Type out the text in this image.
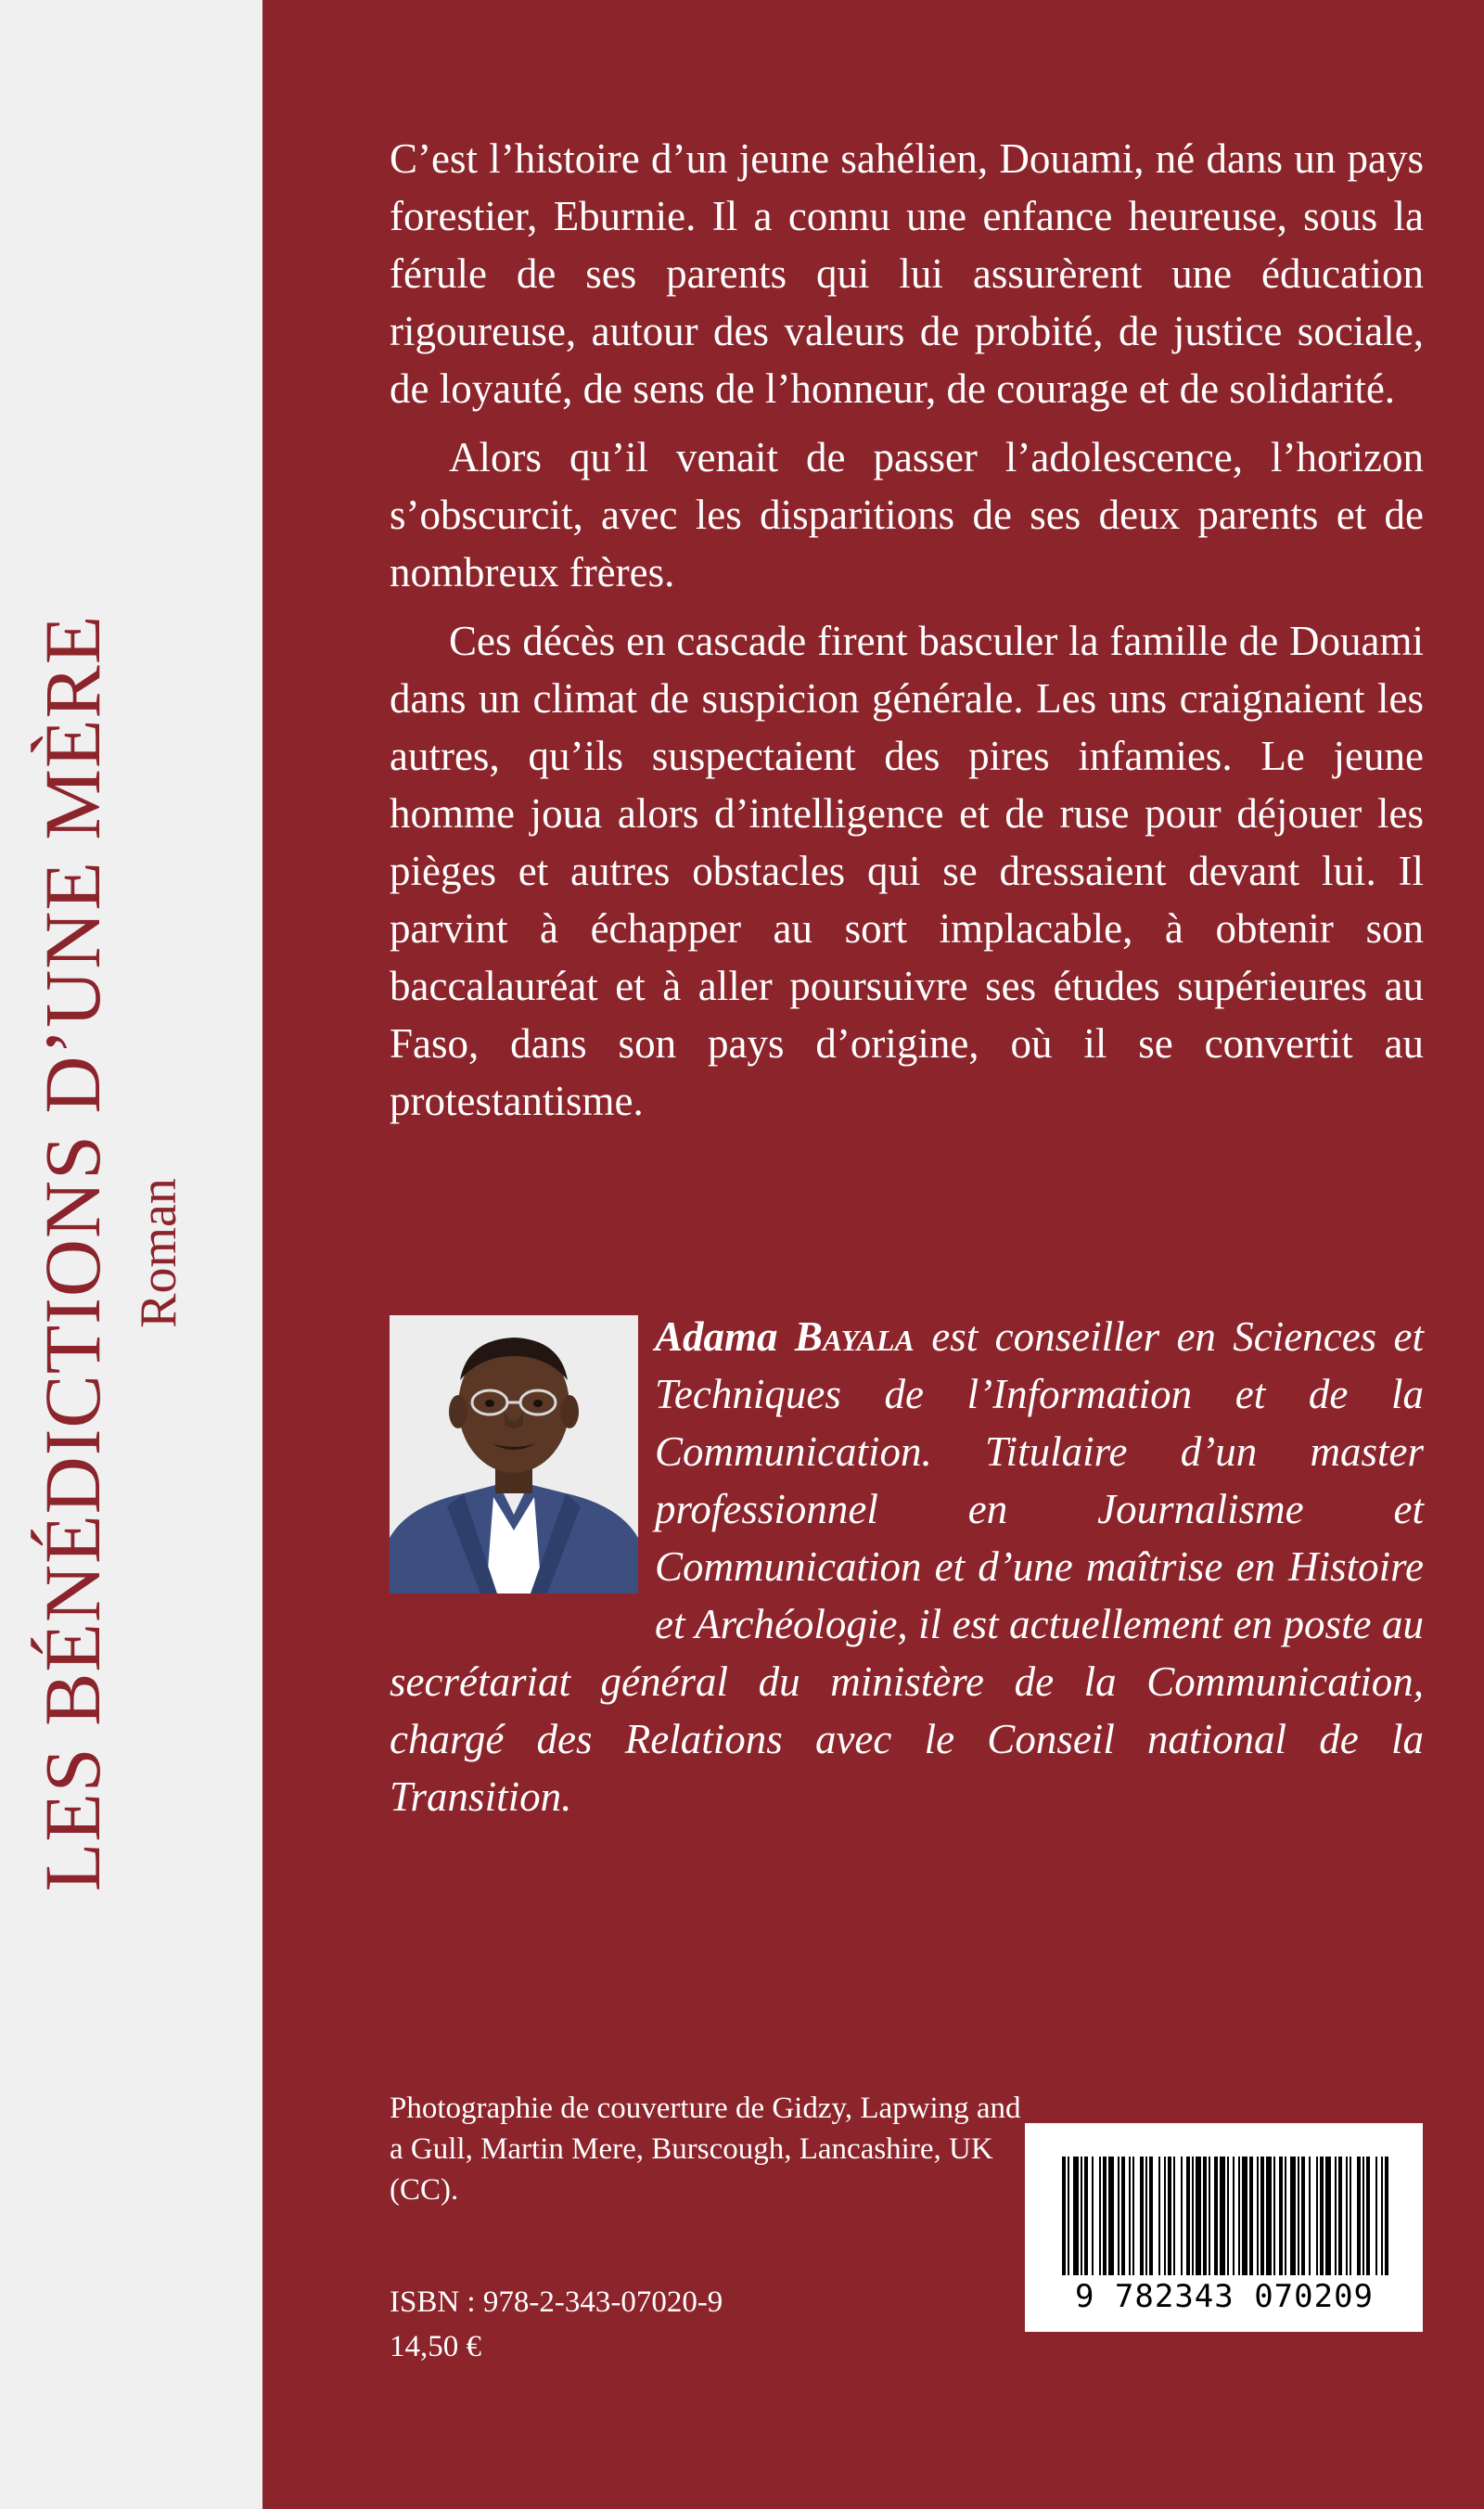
LES BÉNÉDICTIONS D’UNE MÈRE Roman

C’est l’histoire d’un jeune sahélien, Douami, né dans un pays forestier, Eburnie. Il a connu une enfance heureuse, sous la férule de ses parents qui lui assurèrent une éducation rigoureuse, autour des valeurs de probité, de justice sociale, de loyauté, de sens de l’honneur, de courage et de solidarité.

Alors qu’il venait de passer l’adolescence, l’horizon s’obscurcit, avec les disparitions de ses deux parents et de nombreux frères.

Ces décès en cascade firent basculer la famille de Douami dans un climat de suspicion générale. Les uns craignaient les autres, qu’ils suspectaient des pires infamies. Le jeune homme joua alors d’intelligence et de ruse pour déjouer les pièges et autres obstacles qui se dressaient devant lui. Il parvint à échapper au sort implacable, à obtenir son baccalauréat et à aller poursuivre ses études supérieures au Faso, dans son pays d’origine, où il se convertit au protestantisme.

Adama Bayala est conseiller en Sciences et Techniques de l’Information et de la Communication. Titulaire d’un master professionnel en Journalisme et Communication et d’une maîtrise en Histoire et Archéologie, il est actuellement en poste au secrétariat général du ministère de la Communication, chargé des Relations avec le Conseil national de la Transition.
Photographie de couverture de Gidzy, Lapwing and a Gull, Martin Mere, Burscough, Lancashire, UK (CC).
ISBN : 978-2-343-07020-9
14,50 €
9 782343 070209
